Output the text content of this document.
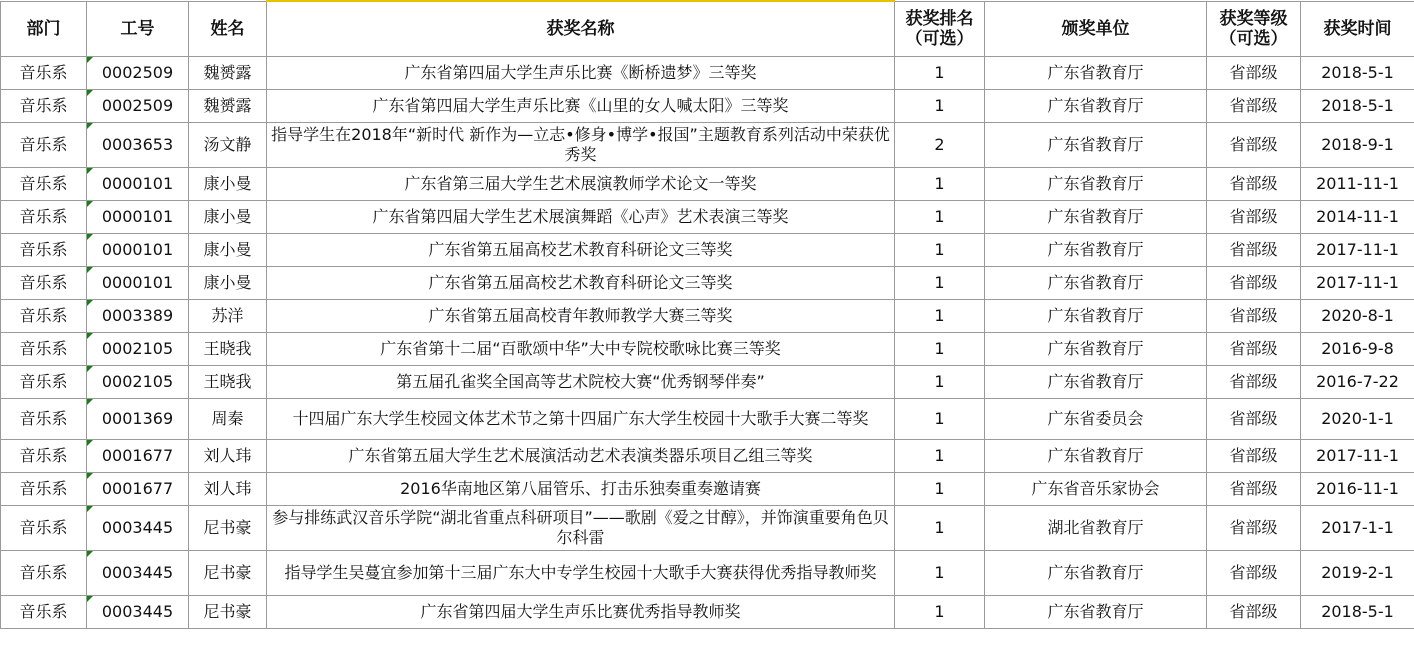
部门	工号	姓名	获奖名称	获奖排名（可选）	颁奖单位	获奖等级（可选）	获奖时间
音乐系	0002509	魏赟露	广东省第四届大学生声乐比赛《断桥遗梦》三等奖	1	广东省教育厅	省部级	2018-5-1
音乐系	0002509	魏赟露	广东省第四届大学生声乐比赛《山里的女人喊太阳》三等奖	1	广东省教育厅	省部级	2018-5-1
音乐系	0003653	汤文静	指导学生在2018年“新时代 新作为—立志•修身•博学•报国”主题教育系列活动中荣获优秀奖	2	广东省教育厅	省部级	2018-9-1
音乐系	0000101	康小曼	广东省第三届大学生艺术展演教师学术论文一等奖	1	广东省教育厅	省部级	2011-11-1
音乐系	0000101	康小曼	广东省第四届大学生艺术展演舞蹈《心声》艺术表演三等奖	1	广东省教育厅	省部级	2014-11-1
音乐系	0000101	康小曼	广东省第五届高校艺术教育科研论文三等奖	1	广东省教育厅	省部级	2017-11-1
音乐系	0000101	康小曼	广东省第五届高校艺术教育科研论文三等奖	1	广东省教育厅	省部级	2017-11-1
音乐系	0003389	苏洋	广东省第五届高校青年教师教学大赛三等奖	1	广东省教育厅	省部级	2020-8-1
音乐系	0002105	王晓我	广东省第十二届“百歌颂中华”大中专院校歌咏比赛三等奖	1	广东省教育厅	省部级	2016-9-8
音乐系	0002105	王晓我	第五届孔雀奖全国高等艺术院校大赛“优秀钢琴伴奏”	1	广东省教育厅	省部级	2016-7-22
音乐系	0001369	周秦	十四届广东大学生校园文体艺术节之第十四届广东大学生校园十大歌手大赛二等奖	1	广东省委员会	省部级	2020-1-1
音乐系	0001677	刘人玮	广东省第五届大学生艺术展演活动艺术表演类器乐项目乙组三等奖	1	广东省教育厅	省部级	2017-11-1
音乐系	0001677	刘人玮	2016华南地区第八届管乐、打击乐独奏重奏邀请赛	1	广东省音乐家协会	省部级	2016-11-1
音乐系	0003445	尼书豪	参与排练武汉音乐学院“湖北省重点科研项目”——歌剧《爱之甘醇》，并饰演重要角色贝尔科雷	1	湖北省教育厅	省部级	2017-1-1
音乐系	0003445	尼书豪	指导学生吴蔓宜参加第十三届广东大中专学生校园十大歌手大赛获得优秀指导教师奖	1	广东省教育厅	省部级	2019-2-1
音乐系	0003445	尼书豪	广东省第四届大学生声乐比赛优秀指导教师奖	1	广东省教育厅	省部级	2018-5-1
